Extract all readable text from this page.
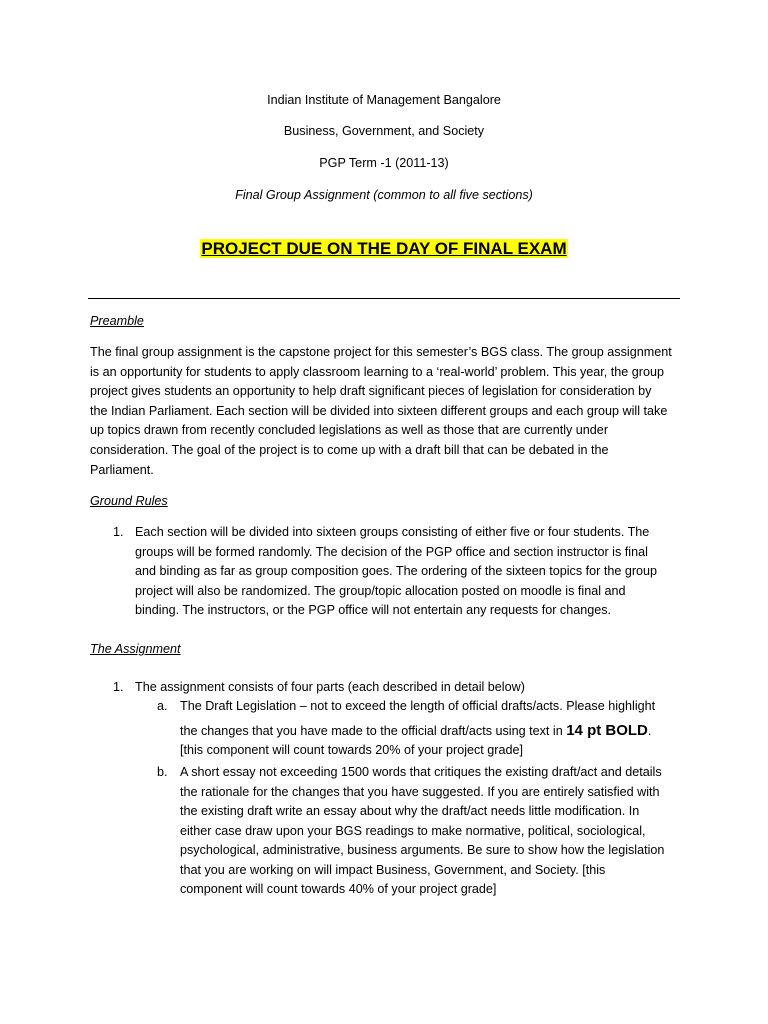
Indian Institute of Management Bangalore
Business, Government, and Society
PGP Term -1 (2011-13)
Final Group Assignment (common to all five sections)
PROJECT DUE ON THE DAY OF FINAL EXAM
Preamble
The final group assignment is the capstone project for this semester’s BGS class. The group assignment
is an opportunity for students to apply classroom learning to a ‘real-world’ problem. This year, the group
project gives students an opportunity to help draft significant pieces of legislation for consideration by
the Indian Parliament. Each section will be divided into sixteen different groups and each group will take
up topics drawn from recently concluded legislations as well as those that are currently under
consideration. The goal of the project is to come up with a draft bill that can be debated in the
Parliament.
Ground Rules
1. Each section will be divided into sixteen groups consisting of either five or four students. The
groups will be formed randomly. The decision of the PGP office and section instructor is final
and binding as far as group composition goes. The ordering of the sixteen topics for the group
project will also be randomized. The group/topic allocation posted on moodle is final and
binding. The instructors, or the PGP office will not entertain any requests for changes.
The Assignment
1. The assignment consists of four parts (each described in detail below)
a. The Draft Legislation – not to exceed the length of official drafts/acts. Please highlight
the changes that you have made to the official draft/acts using text in 14 pt BOLD.
[this component will count towards 20% of your project grade]
b. A short essay not exceeding 1500 words that critiques the existing draft/act and details
the rationale for the changes that you have suggested. If you are entirely satisfied with
the existing draft write an essay about why the draft/act needs little modification. In
either case draw upon your BGS readings to make normative, political, sociological,
psychological, administrative, business arguments. Be sure to show how the legislation
that you are working on will impact Business, Government, and Society. [this
component will count towards 40% of your project grade]
